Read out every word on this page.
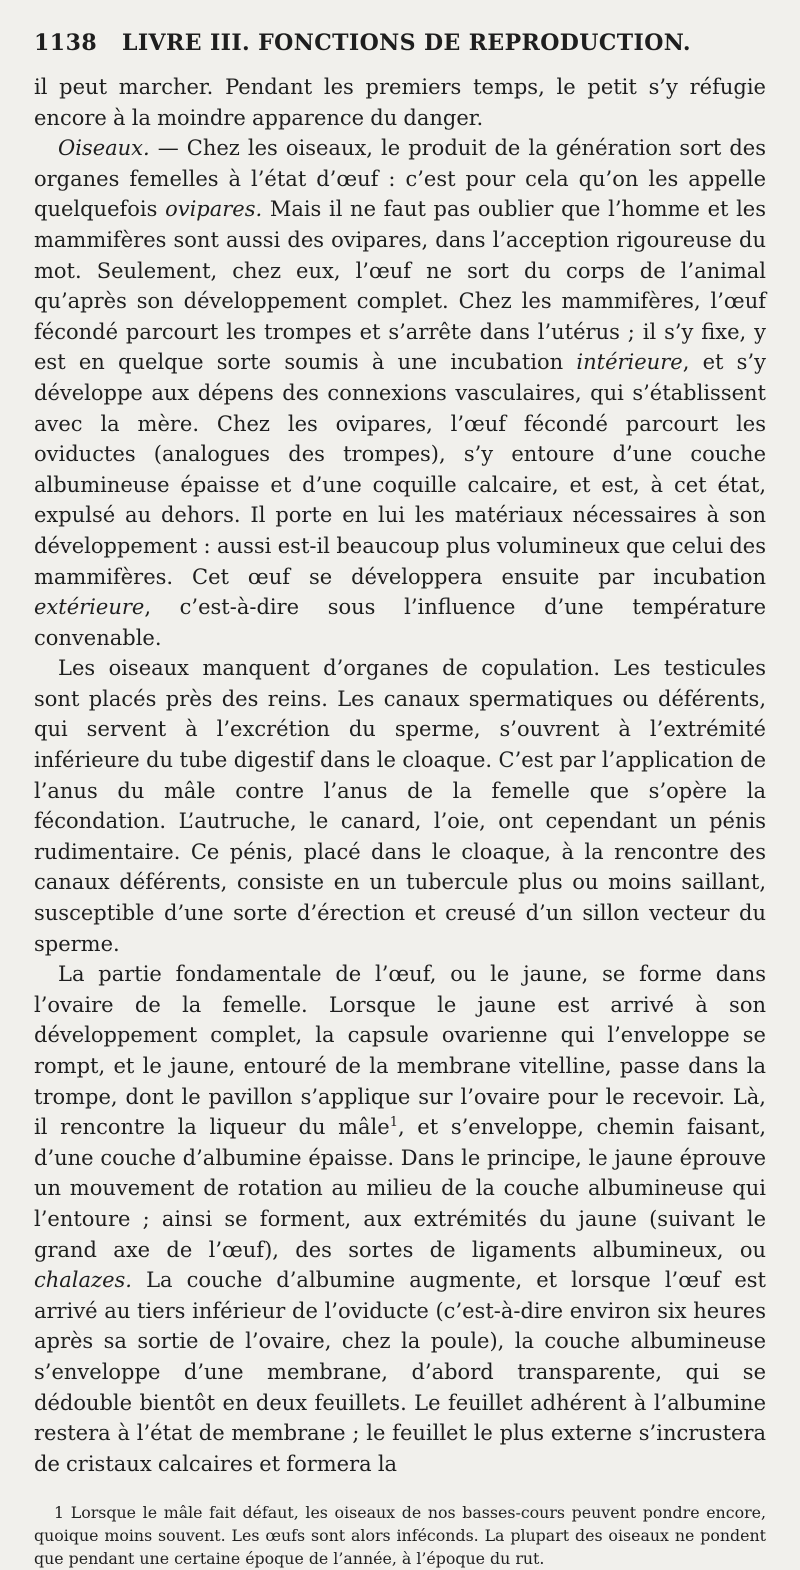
1138	LIVRE III. FONCTIONS DE REPRODUCTION.

il peut marcher. Pendant les premiers temps, le petit s’y réfugie encore à la moindre apparence du danger.

Oiseaux. — Chez les oiseaux, le produit de la génération sort des organes femelles à l’état d’œuf : c’est pour cela qu’on les appelle quelquefois ovipares. Mais il ne faut pas oublier que l’homme et les mammifères sont aussi des ovipares, dans l’acception rigoureuse du mot. Seulement, chez eux, l’œuf ne sort du corps de l’animal qu’après son développement complet. Chez les mammifères, l’œuf fécondé parcourt les trompes et s’arrête dans l’utérus ; il s’y fixe, y est en quelque sorte soumis à une incubation intérieure, et s’y développe aux dépens des connexions vasculaires, qui s’établissent avec la mère. Chez les ovipares, l’œuf fécondé parcourt les oviductes (analogues des trompes), s’y entoure d’une couche albumineuse épaisse et d’une coquille calcaire, et est, à cet état, expulsé au dehors. Il porte en lui les matériaux nécessaires à son développement : aussi est-il beaucoup plus volumineux que celui des mammifères. Cet œuf se développera ensuite par incubation extérieure, c’est-à-dire sous l’influence d’une température convenable.

Les oiseaux manquent d’organes de copulation. Les testicules sont placés près des reins. Les canaux spermatiques ou déférents, qui servent à l’excrétion du sperme, s’ouvrent à l’extrémité inférieure du tube digestif dans le cloaque. C’est par l’application de l’anus du mâle contre l’anus de la femelle que s’opère la fécondation. L’autruche, le canard, l’oie, ont cependant un pénis rudimentaire. Ce pénis, placé dans le cloaque, à la rencontre des canaux déférents, consiste en un tubercule plus ou moins saillant, susceptible d’une sorte d’érection et creusé d’un sillon vecteur du sperme.

La partie fondamentale de l’œuf, ou le jaune, se forme dans l’ovaire de la femelle. Lorsque le jaune est arrivé à son développement complet, la capsule ovarienne qui l’enveloppe se rompt, et le jaune, entouré de la membrane vitelline, passe dans la trompe, dont le pavillon s’applique sur l’ovaire pour le recevoir. Là, il rencontre la liqueur du mâle$^1$, et s’enveloppe, chemin faisant, d’une couche d’albumine épaisse. Dans le principe, le jaune éprouve un mouvement de rotation au milieu de la couche albumineuse qui l’entoure ; ainsi se forment, aux extrémités du jaune (suivant le grand axe de l’œuf), des sortes de ligaments albumineux, ou chalazes. La couche d’albumine augmente, et lorsque l’œuf est arrivé au tiers inférieur de l’oviducte (c’est-à-dire environ six heures après sa sortie de l’ovaire, chez la poule), la couche albumineuse s’enveloppe d’une membrane, d’abord transparente, qui se dédouble bientôt en deux feuillets. Le feuillet adhérent à l’albumine restera à l’état de membrane ; le feuillet le plus externe s’incrustera de cristaux calcaires et formera la

1 Lorsque le mâle fait défaut, les oiseaux de nos basses-cours peuvent pondre encore, quoique moins souvent. Les œufs sont alors inféconds. La plupart des oiseaux ne pondent que pendant une certaine époque de l’année, à l’époque du rut.
